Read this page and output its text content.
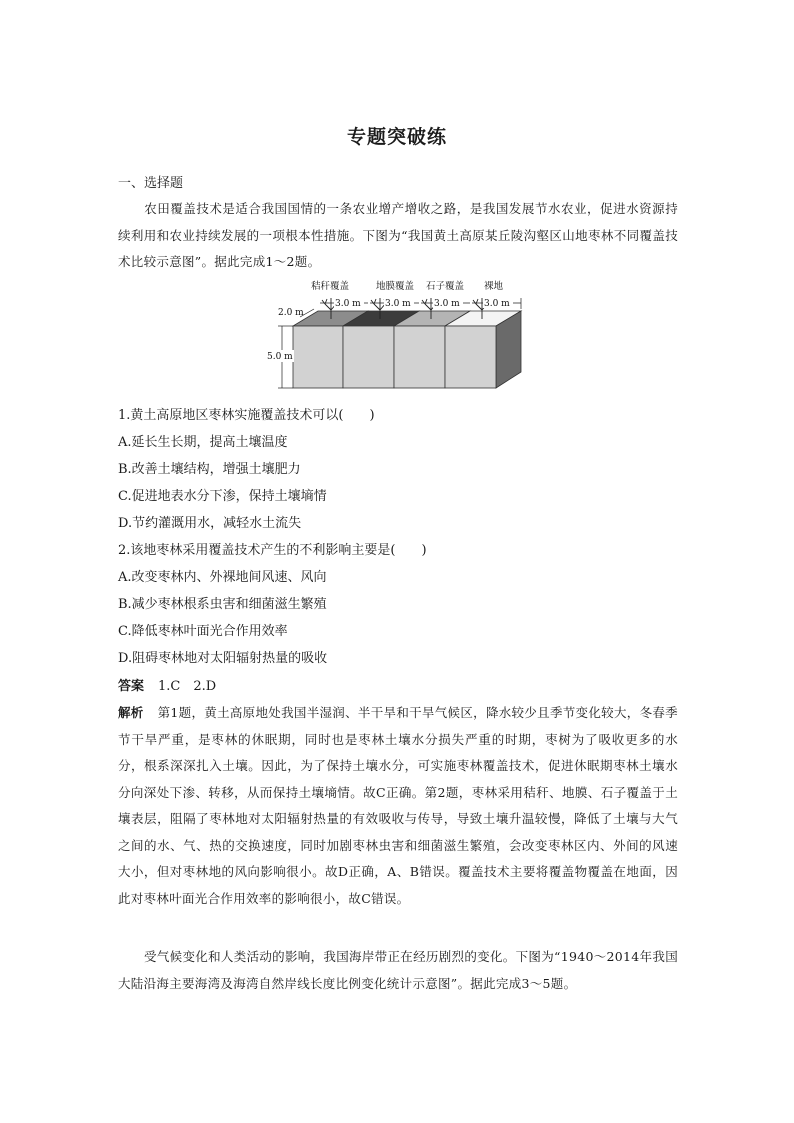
专题突破练
一、选择题
农田覆盖技术是适合我国国情的一条农业增产增收之路，是我国发展节水农业，促进水资源持续利用和农业持续发展的一项根本性措施。下图为“我国黄土高原某丘陵沟壑区山地枣林不同覆盖技术比较示意图”。据此完成1～2题。
秸秆覆盖	地膜覆盖 石子覆盖 裸地
3.0 m	3.0 m	3.0 m	3.0 m
2.0 m
5.0 m
1.黄土高原地区枣林实施覆盖技术可以(　　)
A.延长生长期，提高土壤温度
B.改善土壤结构，增强土壤肥力
C.促进地表水分下渗，保持土壤墒情
D.节约灌溉用水，减轻水土流失
2.该地枣林采用覆盖技术产生的不利影响主要是(　　)
A.改变枣林内、外裸地间风速、风向
B.减少枣林根系虫害和细菌滋生繁殖
C.降低枣林叶面光合作用效率
D.阻碍枣林地对太阳辐射热量的吸收
答案 1.C　2.D
解析 第1题，黄土高原地处我国半湿润、半干旱和干旱气候区，降水较少且季节变化较大，冬春季节干旱严重，是枣林的休眠期，同时也是枣林土壤水分损失严重的时期，枣树为了吸收更多的水分，根系深深扎入土壤。因此，为了保持土壤水分，可实施枣林覆盖技术，促进休眠期枣林土壤水分向深处下渗、转移，从而保持土壤墒情。故C正确。第2题，枣林采用秸秆、地膜、石子覆盖于土壤表层，阻隔了枣林地对太阳辐射热量的有效吸收与传导，导致土壤升温较慢，降低了土壤与大气之间的水、气、热的交换速度，同时加剧枣林虫害和细菌滋生繁殖，会改变枣林区内、外间的风速大小，但对枣林地的风向影响很小。故D正确，A、B错误。覆盖技术主要将覆盖物覆盖在地面，因此对枣林叶面光合作用效率的影响很小，故C错误。
受气候变化和人类活动的影响，我国海岸带正在经历剧烈的变化。下图为“1940～2014年我国大陆沿海主要海湾及海湾自然岸线长度比例变化统计示意图”。据此完成3～5题。
